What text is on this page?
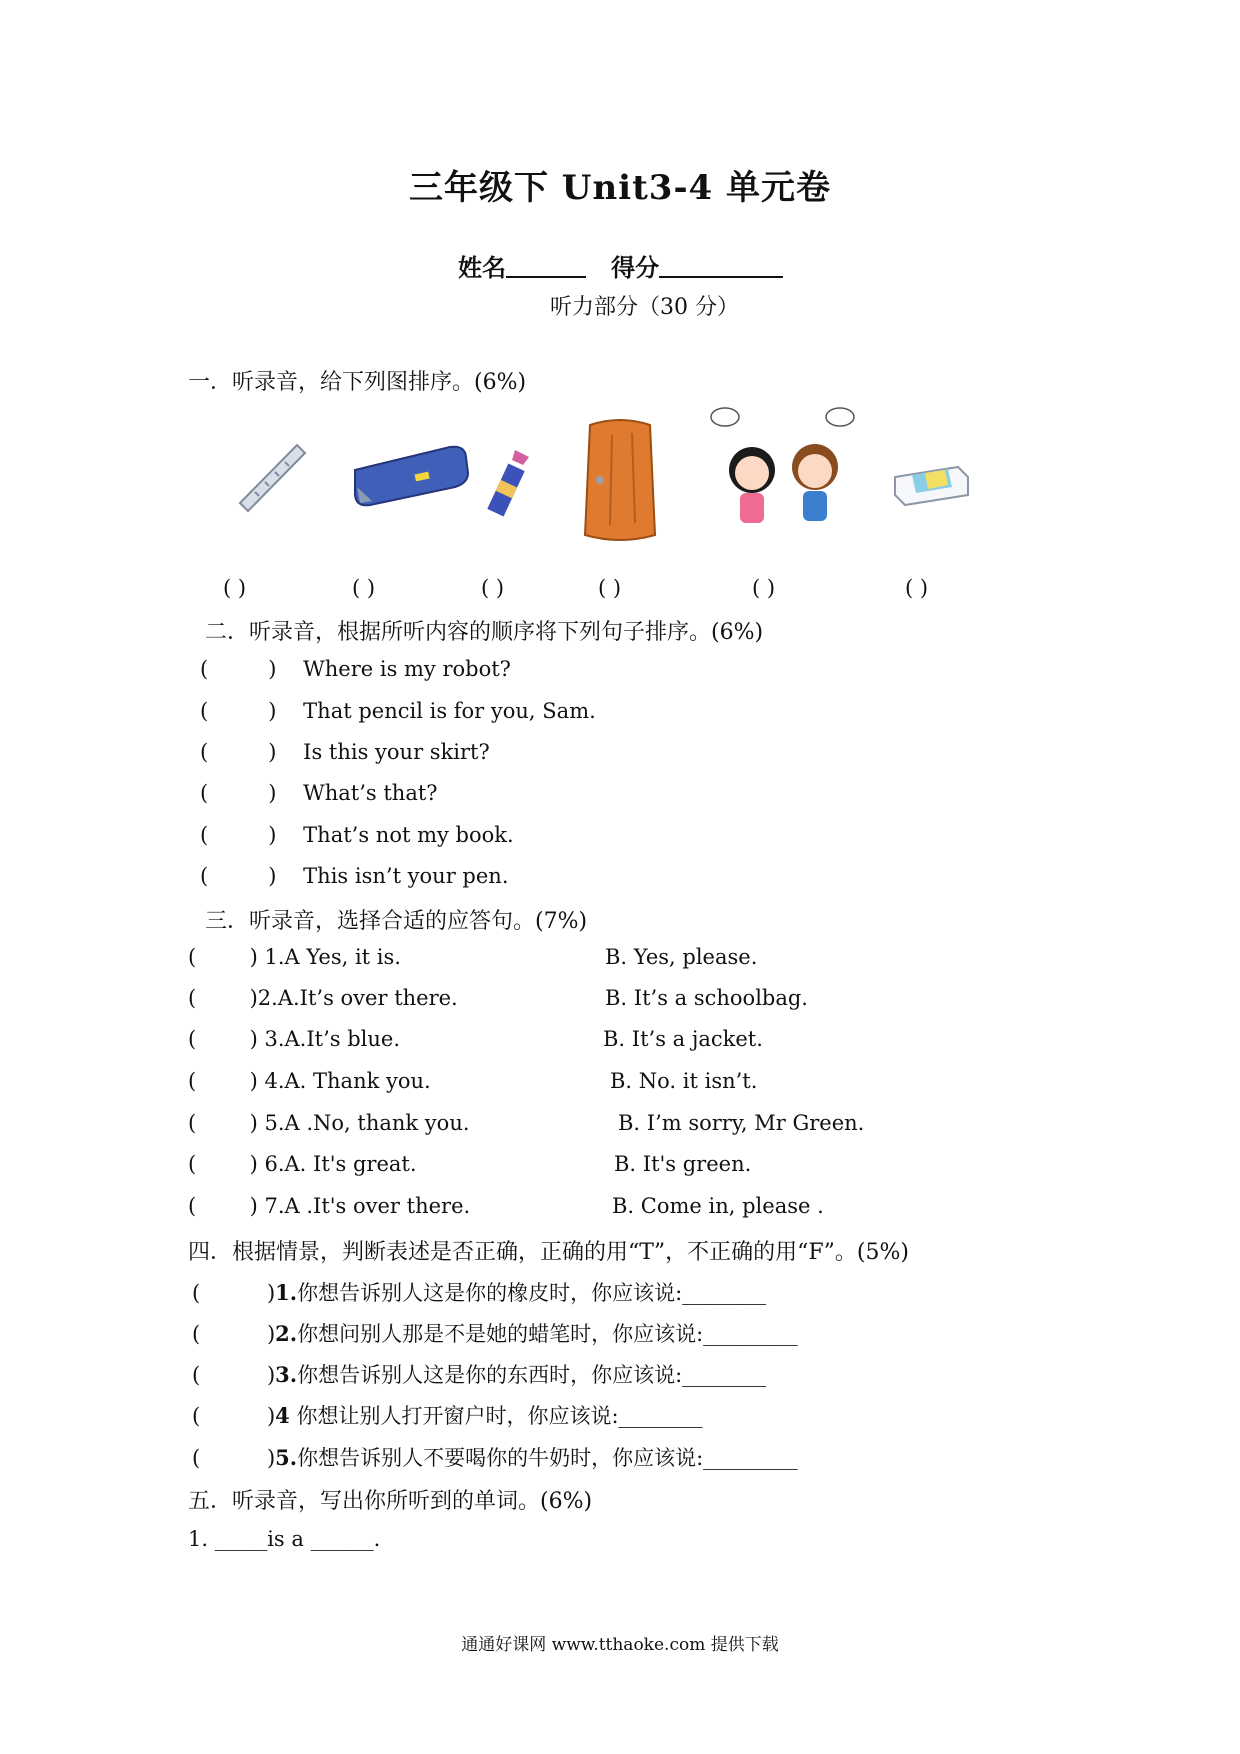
三年级下 Unit3-4 单元卷
姓名	得分
听力部分（30 分）
一．听录音，给下列图排序。(6%)
( )	( )	( )	( )	( )	( )
二．听录音，根据所听内容的顺序将下列句子排序。(6%)
(         ) Where is my robot?
(         ) That pencil is for you, Sam.
(         ) Is this your skirt?
(         ) What’s that?
(         ) That’s not my book.
(         ) This isn’t your pen.
三．听录音，选择合适的应答句。(7%)
(        ) 1.A Yes, it is.	B. Yes, please.
(        )2.A.It’s over there.	B. It’s a schoolbag.
(        ) 3.A.It’s blue.	B. It’s a jacket.
(        ) 4.A. Thank you.	B. No. it isn’t.
(        ) 5.A .No, thank you.	B. I’m sorry, Mr Green.
(        ) 6.A. It's great.	B. It's green.
(        ) 7.A .It's over there.	B. Come in, please .
四．根据情景，判断表述是否正确，正确的用“T”，不正确的用“F”。(5%)
(          )1.你想告诉别人这是你的橡皮时，你应该说:________
(          )2.你想问别人那是不是她的蜡笔时，你应该说:_________
(          )3.你想告诉别人这是你的东西时，你应该说:________
(          )4 你想让别人打开窗户时，你应该说:________
(          )5.你想告诉别人不要喝你的牛奶时，你应该说:_________
五．听录音，写出你所听到的单词。(6%)
1. _____is a ______.
通通好课网 www.tthaoke.com 提供下载
